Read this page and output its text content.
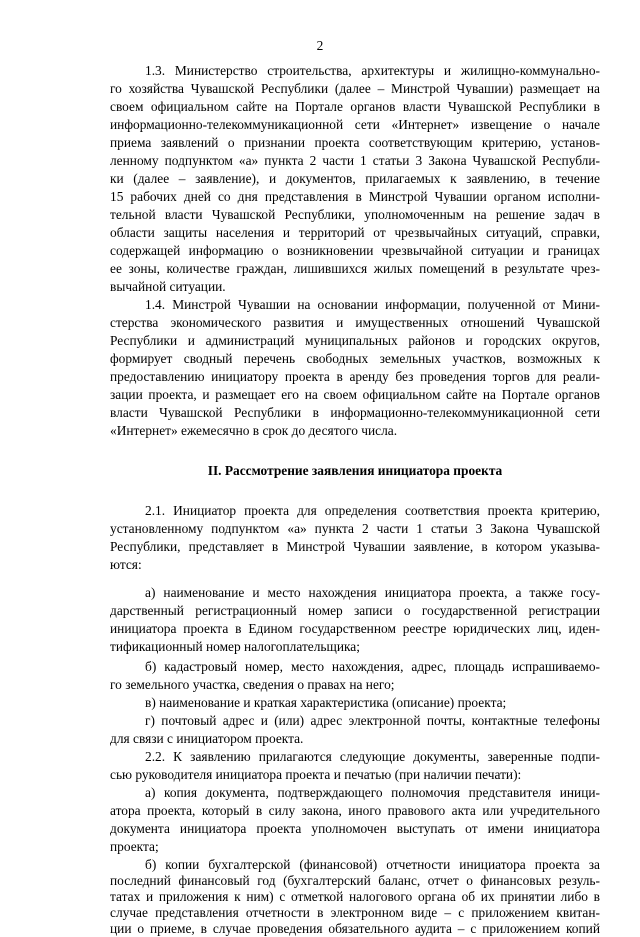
2
1.3. Министерство строительства, архитектуры и жилищно-коммунально-
го хозяйства Чувашской Республики (далее – Минстрой Чувашии) размещает на
своем официальном сайте на Портале органов власти Чувашской Республики в
информационно-телекоммуникационной сети «Интернет» извещение о начале
приема заявлений о признании проекта соответствующим критерию, установ-
ленному подпунктом «а» пункта 2 части 1 статьи 3 Закона Чувашской Республи-
ки (далее – заявление), и документов, прилагаемых к заявлению, в течение
15 рабочих дней со дня представления в Минстрой Чувашии органом исполни-
тельной власти Чувашской Республики, уполномоченным на решение задач в
области защиты населения и территорий от чрезвычайных ситуаций, справки,
содержащей информацию о возникновении чрезвычайной ситуации и границах
ее зоны, количестве граждан, лишившихся жилых помещений в результате чрез-
вычайной ситуации.
1.4. Минстрой Чувашии на основании информации, полученной от Мини-
стерства экономического развития и имущественных отношений Чувашской
Республики и администраций муниципальных районов и городских округов,
формирует сводный перечень свободных земельных участков, возможных к
предоставлению инициатору проекта в аренду без проведения торгов для реали-
зации проекта, и размещает его на своем официальном сайте на Портале органов
власти Чувашской Республики в информационно-телекоммуникационной сети
«Интернет» ежемесячно в срок до десятого числа.
II. Рассмотрение заявления инициатора проекта
2.1. Инициатор проекта для определения соответствия проекта критерию,
установленному подпунктом «а» пункта 2 части 1 статьи 3 Закона Чувашской
Республики, представляет в Минстрой Чувашии заявление, в котором указыва-
ются:
а) наименование и место нахождения инициатора проекта, а также госу-
дарственный регистрационный номер записи о государственной регистрации
инициатора проекта в Едином государственном реестре юридических лиц, иден-
тификационный номер налогоплательщика;
б) кадастровый номер, место нахождения, адрес, площадь испрашиваемо-
го земельного участка, сведения о правах на него;
в) наименование и краткая характеристика (описание) проекта;
г) почтовый адрес и (или) адрес электронной почты, контактные телефоны
для связи с инициатором проекта.
2.2. К заявлению прилагаются следующие документы, заверенные подпи-
сью руководителя инициатора проекта и печатью (при наличии печати):
а) копия документа, подтверждающего полномочия представителя иници-
атора проекта, который в силу закона, иного правового акта или учредительного
документа инициатора проекта уполномочен выступать от имени инициатора
проекта;
б) копии бухгалтерской (финансовой) отчетности инициатора проекта за
последний финансовый год (бухгалтерский баланс, отчет о финансовых резуль-
татах и приложения к ним) с отметкой налогового органа об их принятии либо в
случае представления отчетности в электронном виде – с приложением квитан-
ции о приеме, в случае проведения обязательного аудита – с приложением копий
